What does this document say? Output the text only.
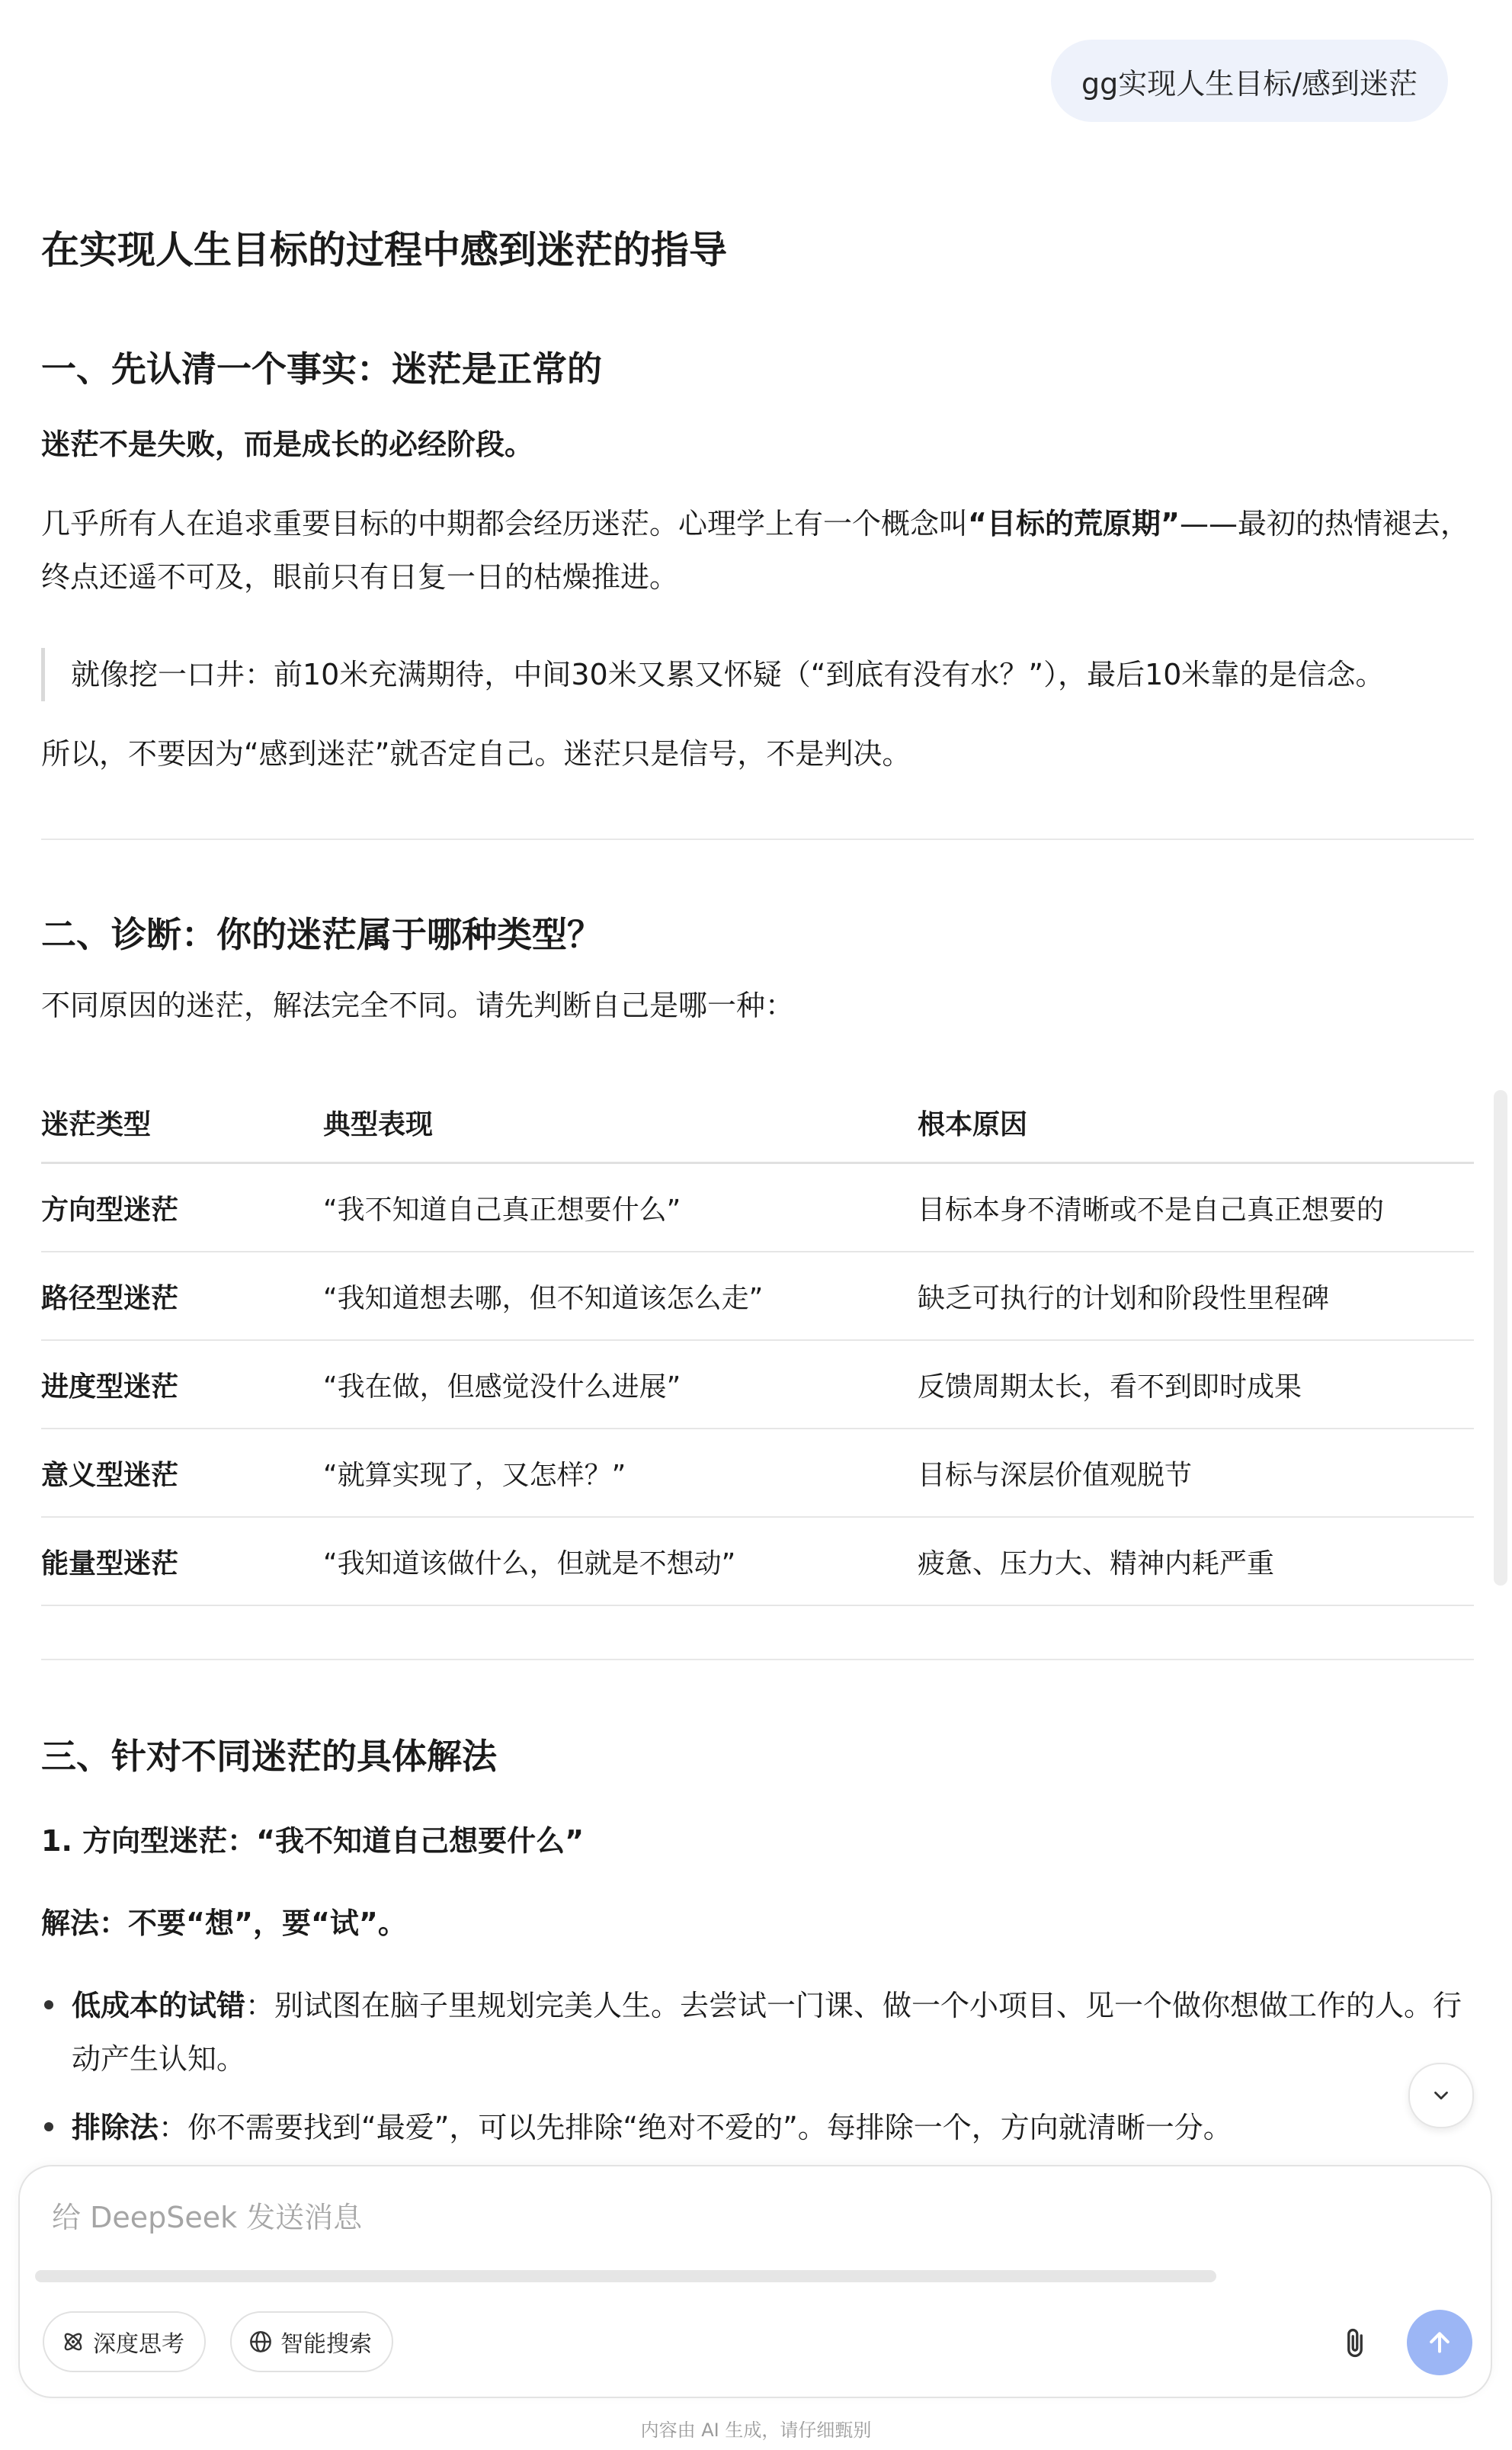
gg实现人生目标/感到迷茫
在实现人生目标的过程中感到迷茫的指导
一、先认清一个事实：迷茫是正常的
迷茫不是失败，而是成长的必经阶段。
几乎所有人在追求重要目标的中期都会经历迷茫。心理学上有一个概念叫“目标的荒原期”——最初的热情褪去，终点还遥不可及，眼前只有日复一日的枯燥推进。
就像挖一口井：前10米充满期待，中间30米又累又怀疑（“到底有没有水？”），最后10米靠的是信念。
所以，不要因为“感到迷茫”就否定自己。迷茫只是信号，不是判决。
二、诊断：你的迷茫属于哪种类型？
不同原因的迷茫，解法完全不同。请先判断自己是哪一种：
迷茫类型	典型表现	根本原因
方向型迷茫	“我不知道自己真正想要什么”	目标本身不清晰或不是自己真正想要的
路径型迷茫	“我知道想去哪，但不知道该怎么走”	缺乏可执行的计划和阶段性里程碑
进度型迷茫	“我在做，但感觉没什么进展”	反馈周期太长，看不到即时成果
意义型迷茫	“就算实现了，又怎样？”	目标与深层价值观脱节
能量型迷茫	“我知道该做什么，但就是不想动”	疲惫、压力大、精神内耗严重
三、针对不同迷茫的具体解法
1. 方向型迷茫：“我不知道自己想要什么”
解法：不要“想”，要“试”。
低成本的试错：别试图在脑子里规划完美人生。去尝试一门课、做一个小项目、见一个做你想做工作的人。行动产生认知。
排除法：你不需要找到“最爱”，可以先排除“绝对不爱的”。每排除一个，方向就清晰一分。
给 DeepSeek 发送消息
深度思考	智能搜索
内容由 AI 生成，请仔细甄别
